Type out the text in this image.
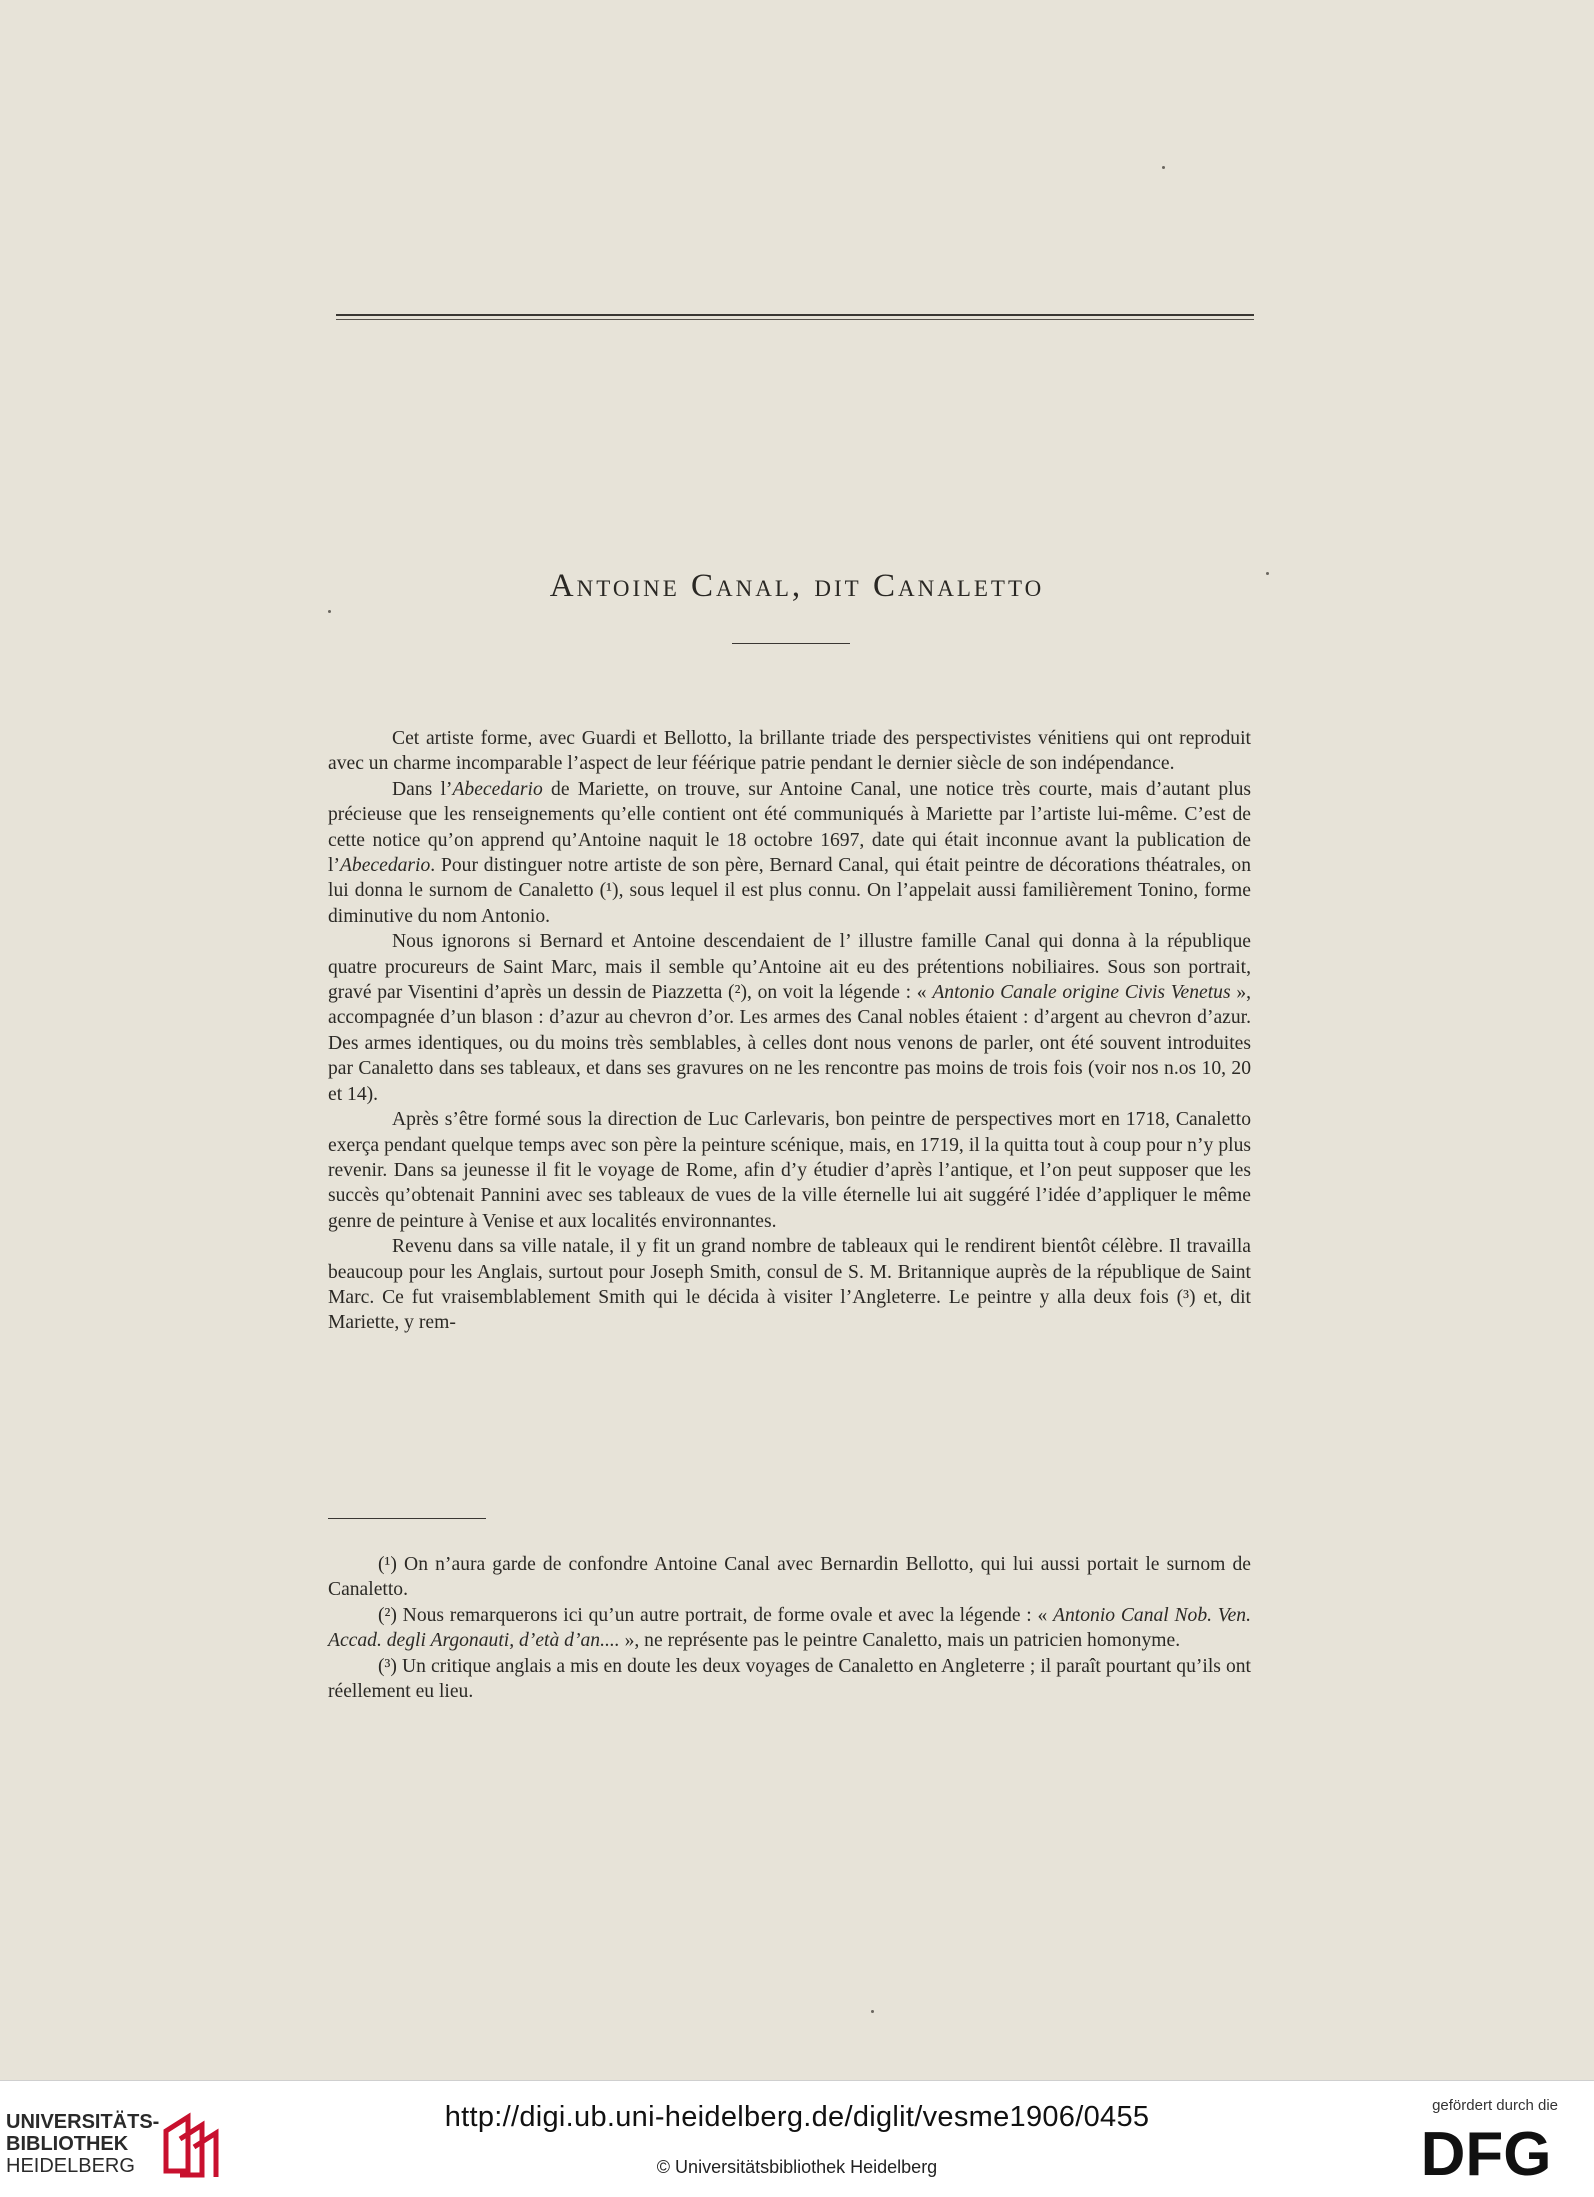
Antoine Canal, dit Canaletto

Cet artiste forme, avec Guardi et Bellotto, la brillante triade des perspectivistes vénitiens qui ont reproduit avec un charme incomparable l’aspect de leur féérique patrie pendant le dernier siècle de son indépendance.

Dans l’Abecedario de Mariette, on trouve, sur Antoine Canal, une notice très courte, mais d’autant plus précieuse que les renseignements qu’elle contient ont été communiqués à Mariette par l’artiste lui-même. C’est de cette notice qu’on apprend qu’Antoine naquit le 18 octobre 1697, date qui était inconnue avant la publication de l’Abecedario. Pour distinguer notre artiste de son père, Bernard Canal, qui était peintre de décorations théatrales, on lui donna le surnom de Canaletto (¹), sous lequel il est plus connu. On l’appelait aussi familièrement Tonino, forme diminutive du nom Antonio.

Nous ignorons si Bernard et Antoine descendaient de l’ illustre famille Canal qui donna à la république quatre procureurs de Saint Marc, mais il semble qu’Antoine ait eu des prétentions nobiliaires. Sous son portrait, gravé par Visentini d’après un dessin de Piazzetta (²), on voit la légende : « Antonio Canale origine Civis Venetus », accompagnée d’un blason : d’azur au chevron d’or. Les armes des Canal nobles étaient : d’argent au chevron d’azur. Des armes identiques, ou du moins très semblables, à celles dont nous venons de parler, ont été souvent introduites par Canaletto dans ses tableaux, et dans ses gravures on ne les rencontre pas moins de trois fois (voir nos n.os 10, 20 et 14).

Après s’être formé sous la direction de Luc Carlevaris, bon peintre de perspectives mort en 1718, Canaletto exerça pendant quelque temps avec son père la peinture scénique, mais, en 1719, il la quitta tout à coup pour n’y plus revenir. Dans sa jeunesse il fit le voyage de Rome, afin d’y étudier d’après l’antique, et l’on peut supposer que les succès qu’obtenait Pannini avec ses tableaux de vues de la ville éternelle lui ait suggéré l’idée d’appliquer le même genre de peinture à Venise et aux localités environnantes.

Revenu dans sa ville natale, il y fit un grand nombre de tableaux qui le rendirent bientôt célèbre. Il travailla beaucoup pour les Anglais, surtout pour Joseph Smith, consul de S. M. Britannique auprès de la république de Saint Marc. Ce fut vraisemblablement Smith qui le décida à visiter l’Angleterre. Le peintre y alla deux fois (³) et, dit Mariette, y rem-

(¹) On n’aura garde de confondre Antoine Canal avec Bernardin Bellotto, qui lui aussi portait le surnom de Canaletto.

(²) Nous remarquerons ici qu’un autre portrait, de forme ovale et avec la légende : « Antonio Canal Nob. Ven. Accad. degli Argonauti, d’età d’an.... », ne représente pas le peintre Canaletto, mais un patricien homonyme.

(³) Un critique anglais a mis en doute les deux voyages de Canaletto en Angleterre ; il paraît pourtant qu’ils ont réellement eu lieu.

UNIVERSITÄTS-
BIBLIOTHEK
HEIDELBERG
http://digi.ub.uni-heidelberg.de/diglit/vesme1906/0455
© Universitätsbibliothek Heidelberg
gefördert durch die
DFG
